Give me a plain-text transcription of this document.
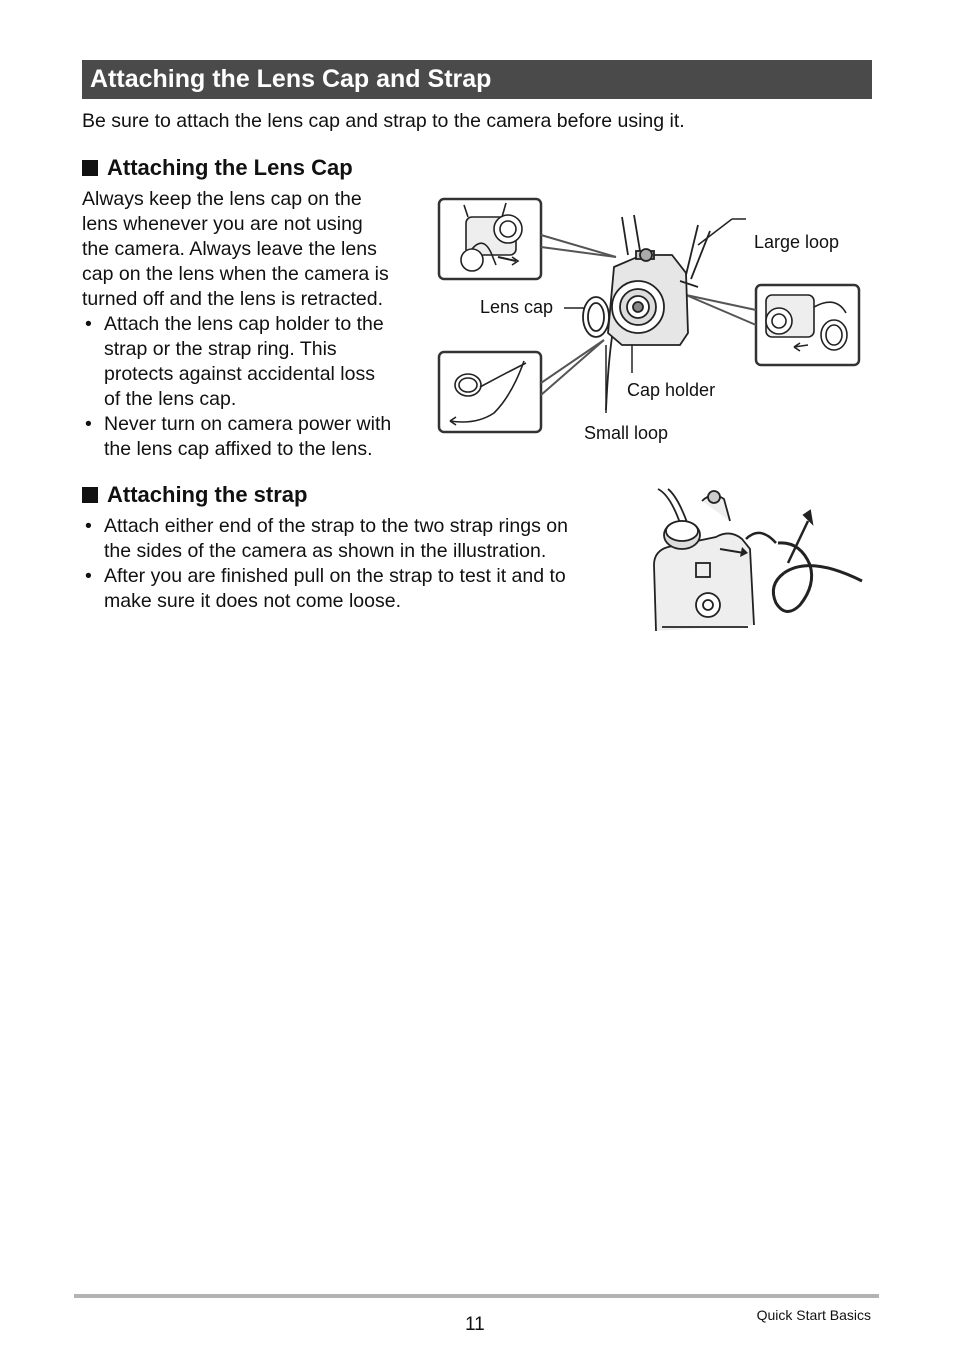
Attaching the Lens Cap and Strap
Be sure to attach the lens cap and strap to the camera before using it.
Attaching the Lens Cap
Always keep the lens cap on the
lens whenever you are not using
the camera. Always leave the lens
cap on the lens when the camera is
turned off and the lens is retracted.
• Attach the lens cap holder to the
strap or the strap ring. This
protects against accidental loss
of the lens cap.
• Never turn on camera power with
the lens cap affixed to the lens.
Large loop
Lens cap
Cap holder
Small loop
Attaching the strap
• Attach either end of the strap to the two strap rings on
the sides of the camera as shown in the illustration.
• After you are finished pull on the strap to test it and to
make sure it does not come loose.
11	Quick Start Basics
